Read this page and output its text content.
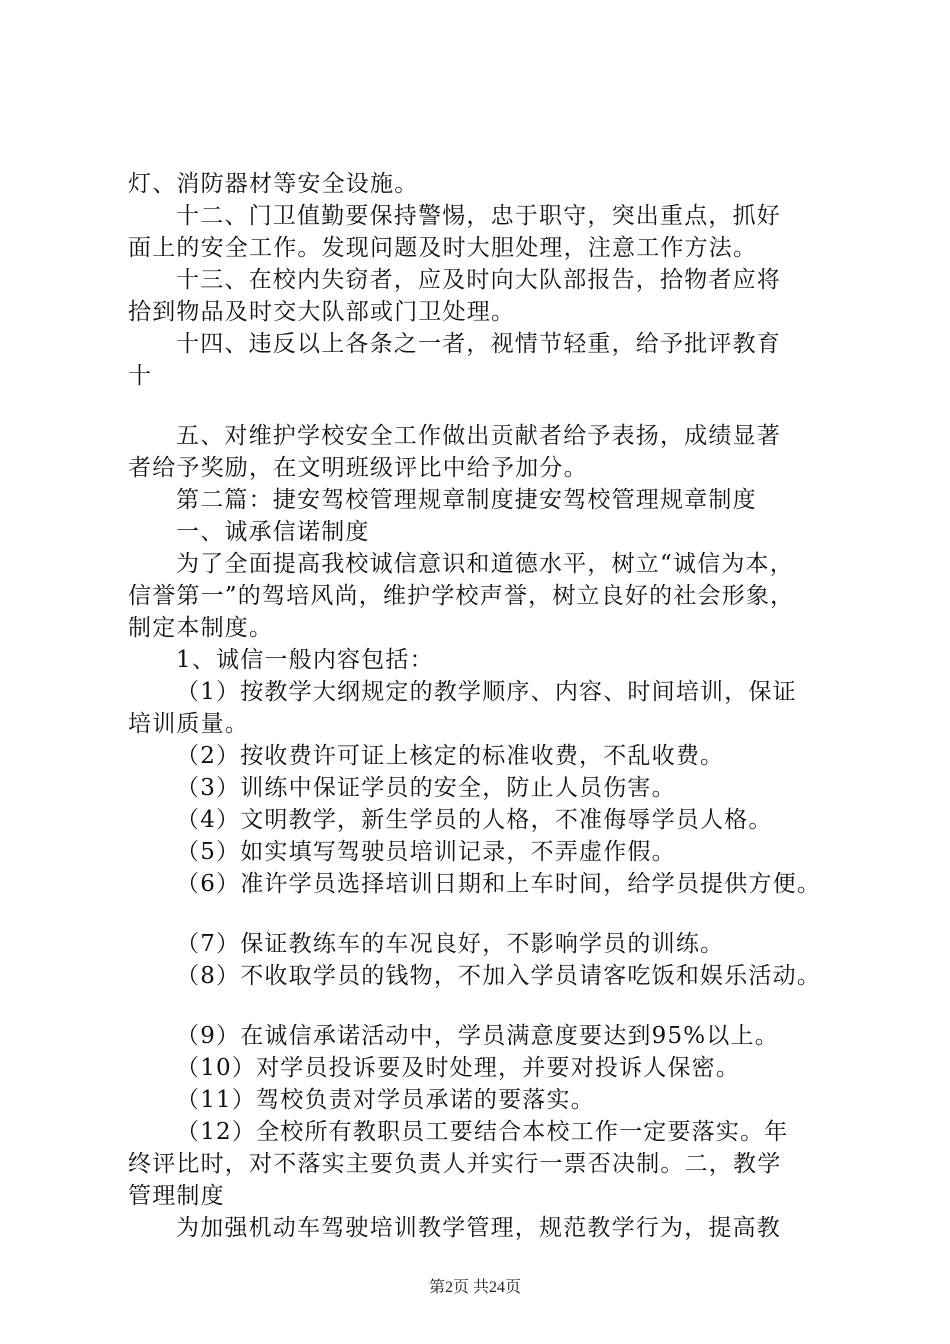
灯、消防器材等安全设施。
十二、门卫值勤要保持警惕，忠于职守，突出重点，抓好
面上的安全工作。发现问题及时大胆处理，注意工作方法。
十三、在校内失窃者，应及时向大队部报告，拾物者应将
拾到物品及时交大队部或门卫处理。
十四、违反以上各条之一者，视情节轻重，给予批评教育
十
五、对维护学校安全工作做出贡献者给予表扬，成绩显著
者给予奖励，在文明班级评比中给予加分。
第二篇：捷安驾校管理规章制度捷安驾校管理规章制度
一、诚承信诺制度
为了全面提高我校诚信意识和道德水平，树立“诚信为本，
信誉第一”的驾培风尚，维护学校声誉，树立良好的社会形象，
制定本制度。
1、诚信一般内容包括：
（1）按教学大纲规定的教学顺序、内容、时间培训，保证
培训质量。
（2）按收费许可证上核定的标准收费，不乱收费。
（3）训练中保证学员的安全，防止人员伤害。
（4）文明教学，新生学员的人格，不准侮辱学员人格。
（5）如实填写驾驶员培训记录，不弄虚作假。
（6）准许学员选择培训日期和上车时间，给学员提供方便。
（7）保证教练车的车况良好，不影响学员的训练。
（8）不收取学员的钱物，不加入学员请客吃饭和娱乐活动。
（9）在诚信承诺活动中，学员满意度要达到95%以上。
（10）对学员投诉要及时处理，并要对投诉人保密。
（11）驾校负责对学员承诺的要落实。
（12）全校所有教职员工要结合本校工作一定要落实。年
终评比时，对不落实主要负责人并实行一票否决制。二，教学
管理制度
为加强机动车驾驶培训教学管理，规范教学行为，提高教
第2页 共24页
